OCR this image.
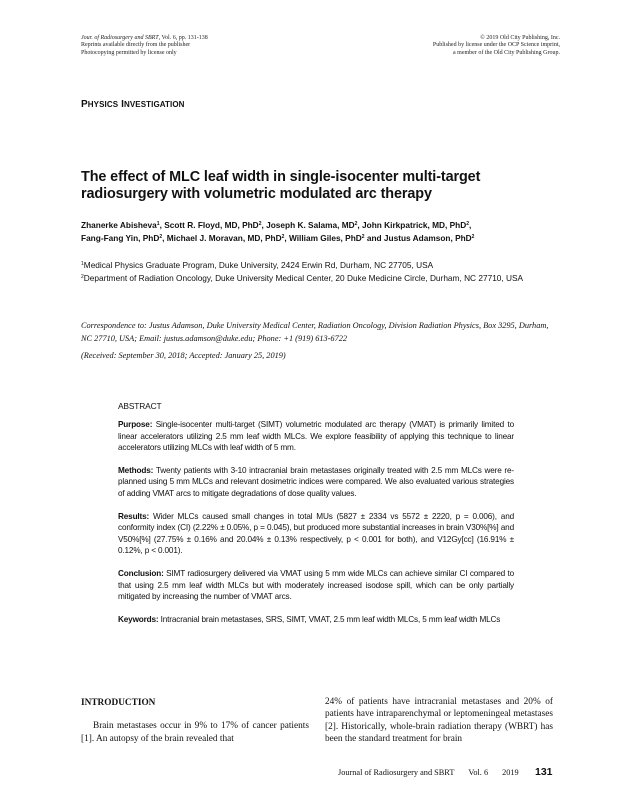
Jour. of Radiosurgery and SBRT, Vol. 6, pp. 131-138
Reprints available directly from the publisher
Photocopying permitted by license only
© 2019 Old City Publishing, Inc.
Published by license under the OCP Science imprint,
a member of the Old City Publishing Group.
PHYSICS INVESTIGATION
The effect of MLC leaf width in single-isocenter multi-target
radiosurgery with volumetric modulated arc therapy
Zhanerke Abisheva$^1$, Scott R. Floyd, MD, PhD$^2$, Joseph K. Salama, $MD^2$, John Kirkpatrick, MD, PhD$^2$,
Fang-Fang Yin, PhD$^2$, Michael J. Moravan, MD, PhD$^2$, William Giles, PhD$^2$ and Justus Adamson, PhD$^2$
$^1$Medical Physics Graduate Program, Duke University, 2424 Erwin Rd, Durham, NC 27705, USA
$^2$Department of Radiation Oncology, Duke University Medical Center, 20 Duke Medicine Circle, Durham, NC 27710, USA
Correspondence to: Justus Adamson, Duke University Medical Center, Radiation Oncology, Division Radiation Physics, Box 3295, Durham, NC 27710, USA; Email: justus.adamson@duke.edu; Phone: +1 (919) 613-6722
(Received: September 30, 2018; Accepted: January 25, 2019)
ABSTRACT

Purpose: Single-isocenter multi-target (SIMT) volumetric modulated arc therapy (VMAT) is primarily limited to linear accelerators utilizing 2.5 mm leaf width MLCs. We explore feasibility of applying this technique to linear accelerators utilizing MLCs with leaf width of 5 mm.

Methods: Twenty patients with 3-10 intracranial brain metastases originally treated with 2.5 mm MLCs were re-planned using 5 mm MLCs and relevant dosimetric indices were compared. We also evaluated various strategies of adding VMAT arcs to mitigate degradations of dose quality values.

Results: Wider MLCs caused small changes in total MUs (5827 ± 2334 vs 5572 ± 2220, p = 0.006), and conformity index (CI) (2.22% ± 0.05%, p = 0.045), but produced more substantial increases in brain V30%[%] and V50%[%] (27.75% ± 0.16% and 20.04% ± 0.13% respectively, p < 0.001 for both), and V12Gy[cc] (16.91% ± 0.12%, p < 0.001).

Conclusion: SIMT radiosurgery delivered via VMAT using 5 mm wide MLCs can achieve similar CI compared to that using 2.5 mm leaf width MLCs but with moderately increased isodose spill, which can be only partially mitigated by increasing the number of VMAT arcs.

Keywords: Intracranial brain metastases, SRS, SIMT, VMAT, 2.5 mm leaf width MLCs, 5 mm leaf width MLCs

INTRODUCTION
Brain metastases occur in 9% to 17% of cancer patients [1]. An autopsy of the brain revealed that
24% of patients have intracranial metastases and 20% of patients have intraparenchymal or leptomeningeal metastases [2]. Historically, whole-brain radiation therapy (WBRT) has been the standard treatment for brain
Journal of Radiosurgery and SBRT Vol. 6 2019 131
